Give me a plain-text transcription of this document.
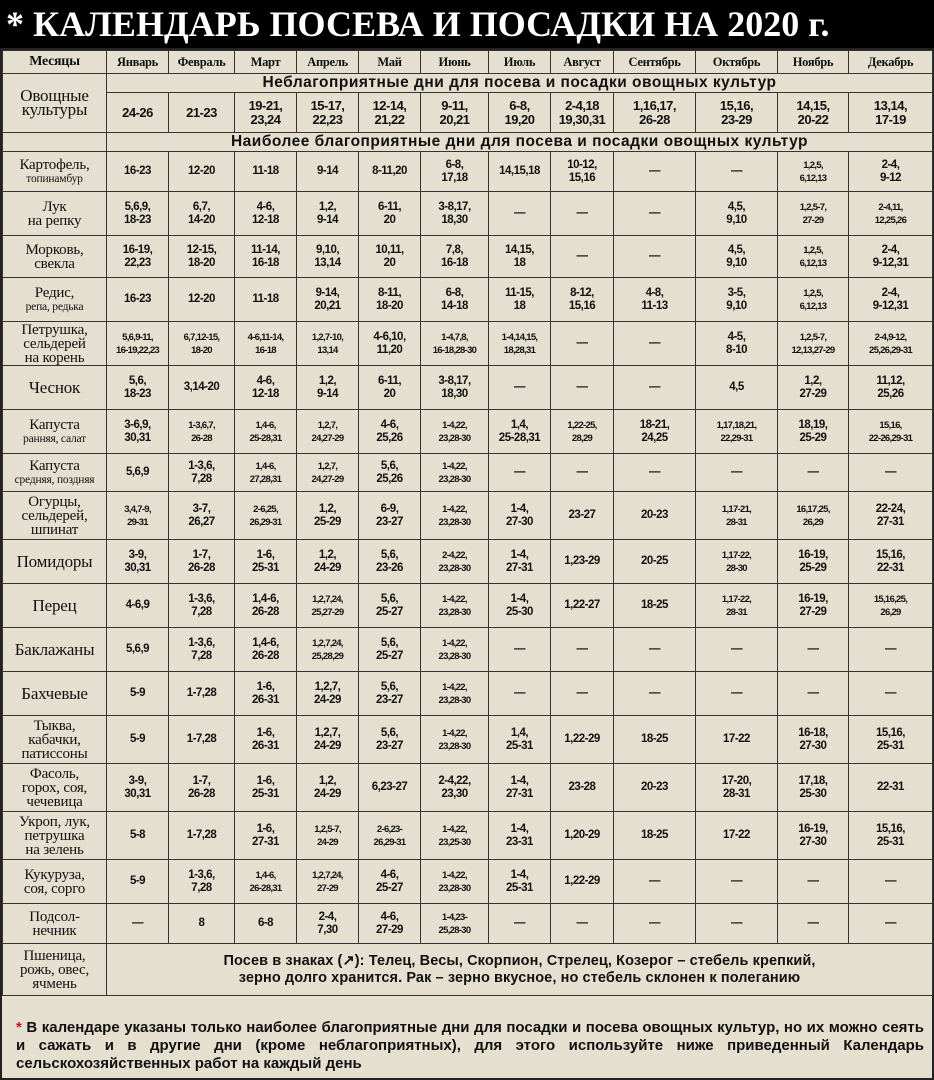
* КАЛЕНДАРЬ ПОСЕВА И ПОСАДКИ НА 2020 г.
Месяцы	Январь	Февраль	Март	Апрель	Май	Июнь	Июль	Август	Сентябрь	Октябрь	Ноябрь	Декабрь

Овощные
культуры	Неблагоприятные дни для посева и посадки овощных культур											
	24-26	21-23	19-21,
23,24	15-17,
22,23	12-14,
21,22	9-11,
20,21	6-8,
19,20	2-4,18
19,30,31	1,16,17,
26-28	15,16,
23-29	14,15,
20-22	13,14,
17-19
	Наиболее благоприятные дни для посева и посадки овощных культур											

Картофель,
топинамбур	16-23	12-20	11-18	9-14	8-11,20	6-8,
17,18	14,15,18	10-12,
15,16	—	—	1,2,5,
6,12,13	2-4,
9-12

Лук
на репку	5,6,9,
18-23	6,7,
14-20	4-6,
12-18	1,2,
9-14	6-11,
20	3-8,17,
18,30	—	—	—	4,5,
9,10	1,2,5-7,
27-29	2-4,11,
12,25,26

Морковь,
свекла	16-19,
22,23	12-15,
18-20	11-14,
16-18	9,10,
13,14	10,11,
20	7,8,
16-18	14,15,
18	—	—	4,5,
9,10	1,2,5,
6,12,13	2-4,
9-12,31

Редис,
репа, редька	16-23	12-20	11-18	9-14,
20,21	8-11,
18-20	6-8,
14-18	11-15,
18	8-12,
15,16	4-8,
11-13	3-5,
9,10	1,2,5,
6,12,13	2-4,
9-12,31

Петрушка,
сельдерей
на корень	5,6,9-11,
16-19,22,23	6,7,12-15,
18-20	4-6,11-14,
16-18	1,2,7-10,
13,14	4-6,10,
11,20	1-4,7,8,
16-18,28-30	1-4,14,15,
18,28,31	—	—	4-5,
8-10	1,2,5-7,
12,13,27-29	2-4,9-12,
25,26,29-31

Чеснок	5,6,
18-23	3,14-20	4-6,
12-18	1,2,
9-14	6-11,
20	3-8,17,
18,30	—	—	—	4,5	1,2,
27-29	11,12,
25,26

Капуста
ранняя, салат	3-6,9,
30,31	1-3,6,7,
26-28	1,4-6,
25-28,31	1,2,7,
24,27-29	4-6,
25,26	1-4,22,
23,28-30	1,4,
25-28,31	1,22-25,
28,29	18-21,
24,25	1,17,18,21,
22,29-31	18,19,
25-29	15,16,
22-26,29-31

Капуста
средняя, поздняя	5,6,9	1-3,6,
7,28	1,4-6,
27,28,31	1,2,7,
24,27-29	5,6,
25,26	1-4,22,
23,28-30	—	—	—	—	—	—

Огурцы,
сельдерей,
шпинат	3,4,7-9,
29-31	3-7,
26,27	2-6,25,
26,29-31	1,2,
25-29	6-9,
23-27	1-4,22,
23,28-30	1-4,
27-30	23-27	20-23	1,17-21,
28-31	16,17,25,
26,29	22-24,
27-31

Помидоры	3-9,
30,31	1-7,
26-28	1-6,
25-31	1,2,
24-29	5,6,
23-26	2-4,22,
23,28-30	1-4,
27-31	1,23-29	20-25	1,17-22,
28-30	16-19,
25-29	15,16,
22-31

Перец	4-6,9	1-3,6,
7,28	1,4-6,
26-28	1,2,7,24,
25,27-29	5,6,
25-27	1-4,22,
23,28-30	1-4,
25-30	1,22-27	18-25	1,17-22,
28-31	16-19,
27-29	15,16,25,
26,29

Баклажаны	5,6,9	1-3,6,
7,28	1,4-6,
26-28	1,2,7,24,
25,28,29	5,6,
25-27	1-4,22,
23,28-30	—	—	—	—	—	—

Бахчевые	5-9	1-7,28	1-6,
26-31	1,2,7,
24-29	5,6,
23-27	1-4,22,
23,28-30	—	—	—	—	—	—

Тыква,
кабачки,
патиссоны	5-9	1-7,28	1-6,
26-31	1,2,7,
24-29	5,6,
23-27	1-4,22,
23,28-30	1,4,
25-31	1,22-29	18-25	17-22	16-18,
27-30	15,16,
25-31

Фасоль,
горох, соя,
чечевица	3-9,
30,31	1-7,
26-28	1-6,
25-31	1,2,
24-29	6,23-27	2-4,22,
23,30	1-4,
27-31	23-28	20-23	17-20,
28-31	17,18,
25-30	22-31

Укроп, лук,
петрушка
на зелень	5-8	1-7,28	1-6,
27-31	1,2,5-7,
24-29	2-6,23-
26,29-31	1-4,22,
23,25-30	1-4,
23-31	1,20-29	18-25	17-22	16-19,
27-30	15,16,
25-31

Кукуруза,
соя, сорго	5-9	1-3,6,
7,28	1,4-6,
26-28,31	1,2,7,24,
27-29	4-6,
25-27	1-4,22,
23,28-30	1-4,
25-31	1,22-29	—	—	—	—

Подсол-
нечник	—	8	6-8	2-4,
7,30	4-6,
27-29	1-4,23-
25,28-30	—	—	—	—	—	—

Пшеница,
рожь, овес,
ячмень	Посев в знаках (↗): Телец, Весы, Скорпион, Стрелец, Козерог – стебель крепкий,
зерно долго хранится. Рак – зерно вкусное, но стебель склонен к полеганию											
* В календаре указаны только наиболее благоприятные дни для посадки и посева овощных культур, но их можно сеять и сажать и в другие дни (кроме неблагоприятных), для этого используйте ниже приведенный Календарь сельскохозяйственных работ на каждый день
